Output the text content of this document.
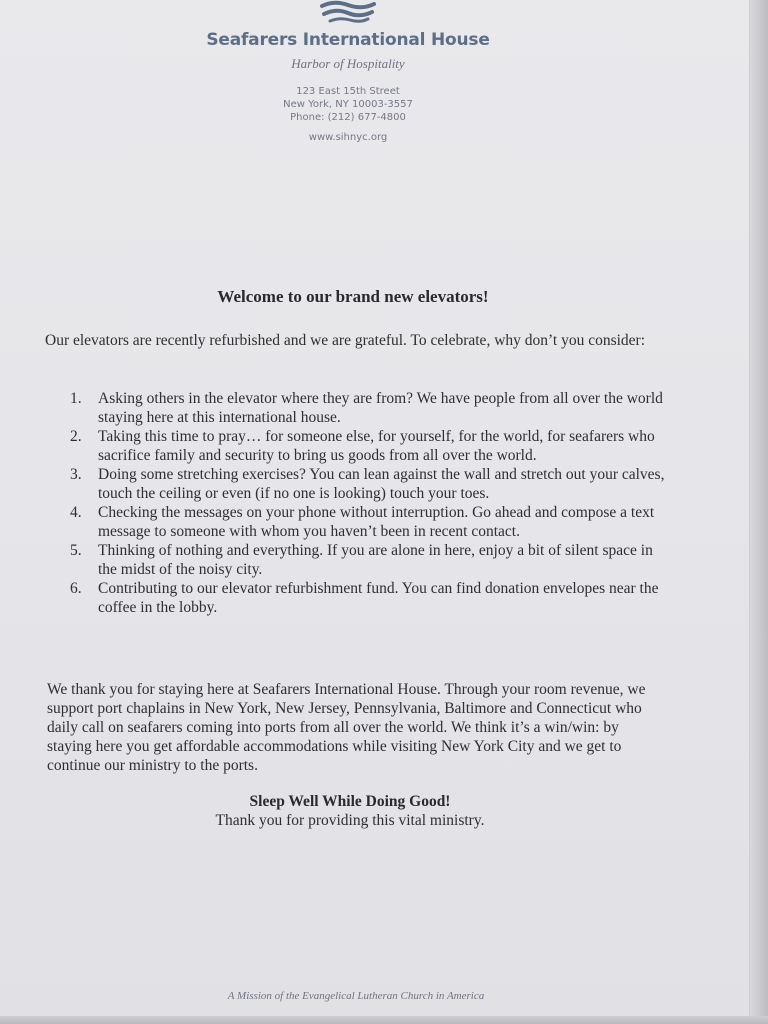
Seafarers International House
Harbor of Hospitality
123 East 15th Street
New York, NY 10003-3557
Phone: (212) 677-4800
www.sihnyc.org
Welcome to our brand new elevators!
Our elevators are recently refurbished and we are grateful. To celebrate, why don’t you consider:
1. Asking others in the elevator where they are from? We have people from all over the world staying here at this international house.
2. Taking this time to pray… for someone else, for yourself, for the world, for seafarers who sacrifice family and security to bring us goods from all over the world.
3. Doing some stretching exercises? You can lean against the wall and stretch out your calves, touch the ceiling or even (if no one is looking) touch your toes.
4. Checking the messages on your phone without interruption. Go ahead and compose a text message to someone with whom you haven’t been in recent contact.
5. Thinking of nothing and everything. If you are alone in here, enjoy a bit of silent space in the midst of the noisy city.
6. Contributing to our elevator refurbishment fund. You can find donation envelopes near the coffee in the lobby.
We thank you for staying here at Seafarers International House. Through your room revenue, we support port chaplains in New York, New Jersey, Pennsylvania, Baltimore and Connecticut who daily call on seafarers coming into ports from all over the world. We think it’s a win/win: by staying here you get affordable accommodations while visiting New York City and we get to continue our ministry to the ports.
Sleep Well While Doing Good!
Thank you for providing this vital ministry.
A Mission of the Evangelical Lutheran Church in America
